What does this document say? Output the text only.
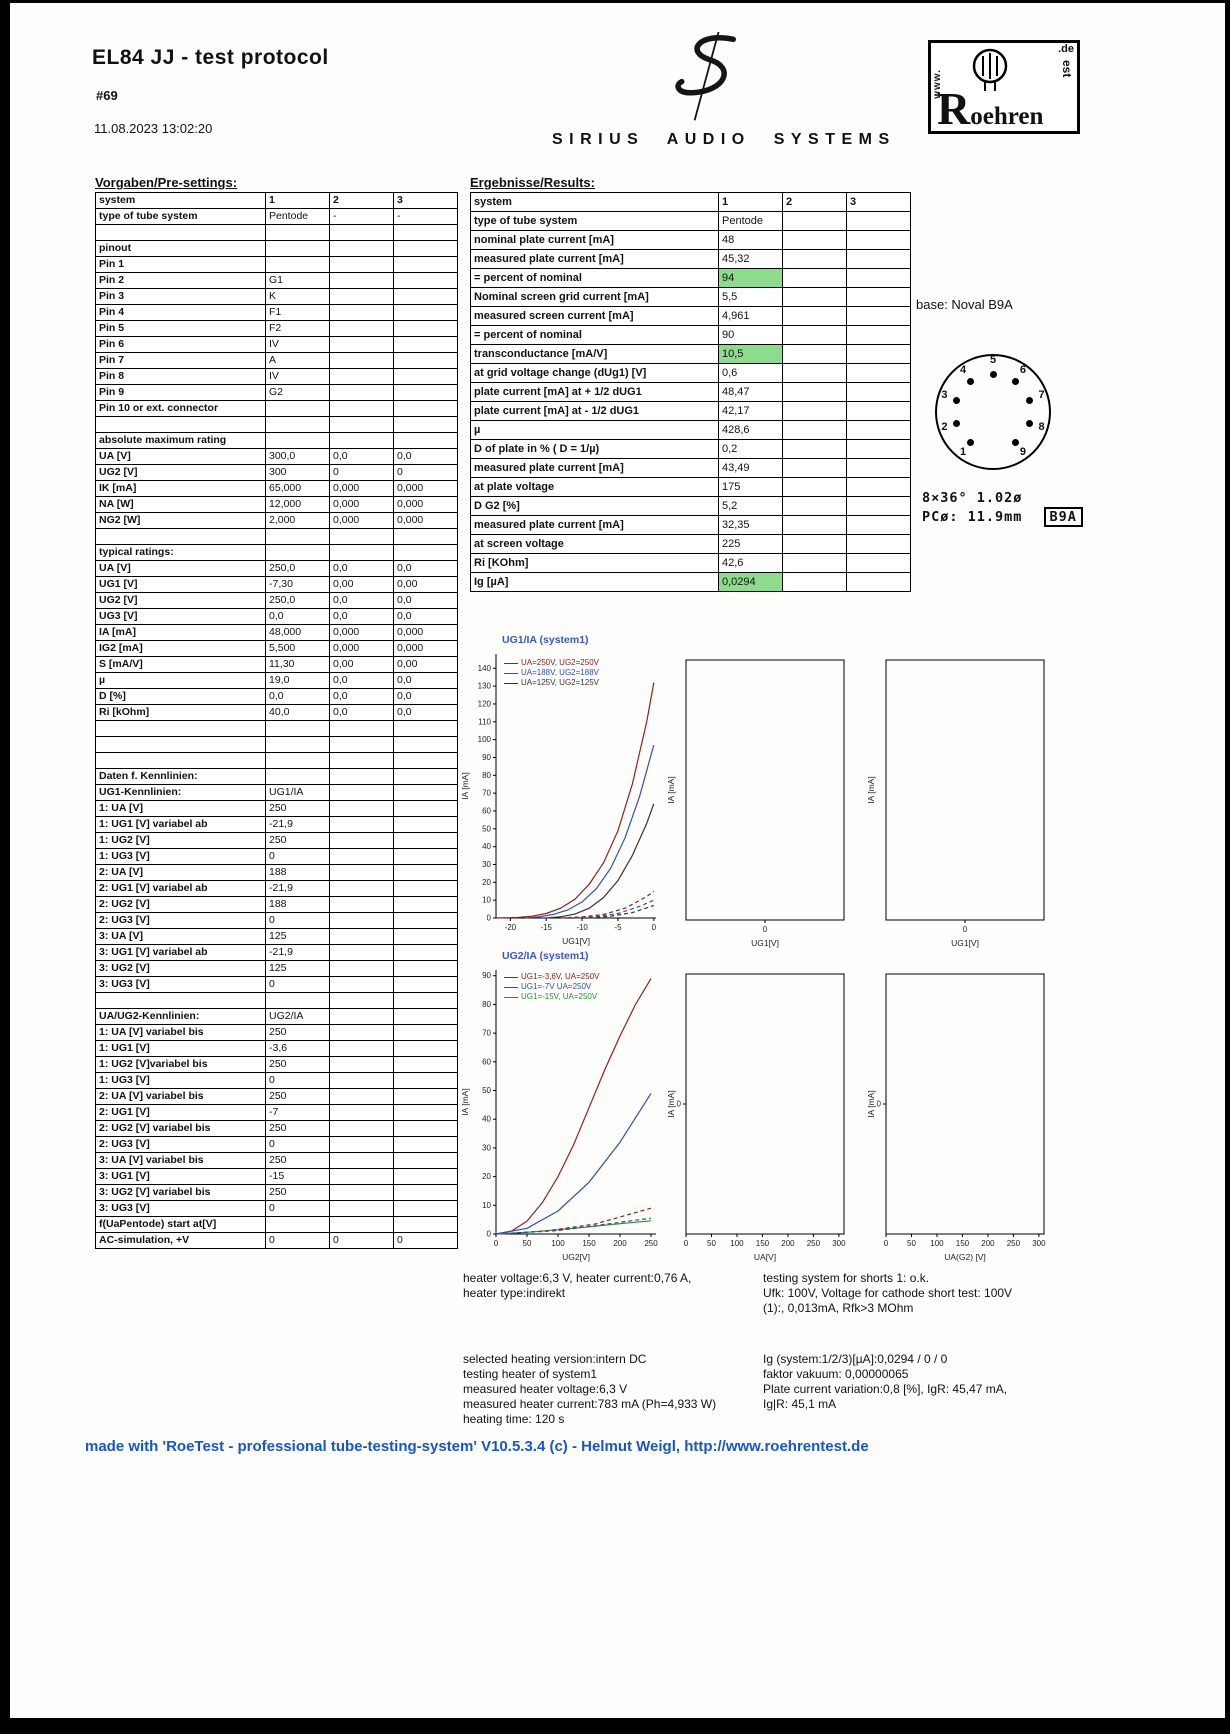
EL84 JJ - test protocol
#69
11.08.2023 13:02:20
SIRIUS AUDIO SYSTEMS
www.
.de
est
Roehren
Vorgaben/Pre-settings:
system	1	2	3
type of tube system	Pentode	-	-

pinout			
Pin 1			
Pin 2	G1		
Pin 3	K		
Pin 4	F1		
Pin 5	F2		
Pin 6	IV		
Pin 7	A		
Pin 8	IV		
Pin 9	G2		
Pin 10 or ext. connector			

absolute maximum rating			
UA [V]	300,0	0,0	0,0
UG2 [V]	300	0	0
IK [mA]	65,000	0,000	0,000
NA [W]	12,000	0,000	0,000
NG2 [W]	2,000	0,000	0,000

typical ratings:			
UA [V]	250,0	0,0	0,0
UG1 [V]	-7,30	0,00	0,00
UG2 [V]	250,0	0,0	0,0
UG3 [V]	0,0	0,0	0,0
IA [mA]	48,000	0,000	0,000
IG2 [mA]	5,500	0,000	0,000
S [mA/V]	11,30	0,00	0,00
µ	19,0	0,0	0,0
D [%]	0,0	0,0	0,0
Ri [kOhm]	40,0	0,0	0,0

Daten f. Kennlinien:			
UG1-Kennlinien:	UG1/IA		
1: UA [V]	250		
1: UG1 [V] variabel ab	-21,9		
1: UG2 [V]	250		
1: UG3 [V]	0		
2: UA [V]	188		
2: UG1 [V] variabel ab	-21,9		
2: UG2 [V]	188		
2: UG3 [V]	0		
3: UA [V]	125		
3: UG1 [V] variabel ab	-21,9		
3: UG2 [V]	125		
3: UG3 [V]	0		

UA/UG2-Kennlinien:	UG2/IA		
1: UA [V] variabel bis	250		
1: UG1 [V]	-3,6		
1: UG2 [V]variabel bis	250		
1: UG3 [V]	0		
2: UA [V] variabel bis	250		
2: UG1 [V]	-7		
2: UG2 [V] variabel bis	250		
2: UG3 [V]	0		
3: UA [V] variabel bis	250		
3: UG1 [V]	-15		
3: UG2 [V] variabel bis	250		
3: UG3 [V]	0		
f(UaPentode) start at[V]			
AC-simulation, +V	0	0	0
Ergebnisse/Results:
system	1	2	3
type of tube system	Pentode		
nominal plate current [mA]	48		
measured plate current [mA]	45,32		
= percent of nominal	94		
Nominal screen grid current [mA]	5,5		
measured screen current [mA]	4,961		
= percent of nominal	90		
transconductance [mA/V]	10,5		
at grid voltage change (dUg1) [V]	0,6		
plate current [mA] at + 1/2 dUG1	48,47		
plate current [mA] at - 1/2 dUG1	42,17		
µ	428,6		
D of plate in % ( D = 1/µ)	0,2		
measured plate current [mA]	43,49		
at plate voltage	175		
D G2 [%]	5,2		
measured plate current [mA]	32,35		
at screen voltage	225		
Ri [KOhm]	42,6		
Ig [µA]	0,0294		
base: Noval B9A
1
2
3
4
5
6
7
8
9
8×36° 1.02ø
PCø: 11.9mm B9A
UG1/IA (system1)
-20	-15	-10	-5	0
0
10
20
30
40
50
60
70
80
90
100
110
120
130
140
UG1[V]
IA [mA]
UA=250V, UG2=250V
UA=188V, UG2=188V
UA=125V, UG2=125V
0
UG1[V]
IA [mA]
0
UG1[V]
IA [mA]
UG2/IA (system1)
0	50 100 150 200 250
0
10
20
30
40
50
60
70
80
90
UG2[V]
IA [mA]
UG1=-3,6V, UA=250V
UG1=-7V UA=250V
UG1=-15V, UA=250V
0 50 100 150 200 250 300
0
UA[V]
IA [mA]
0 50 100 150 200 250 300
0
UA(G2) [V]
IA [mA]
heater voltage:6,3 V, heater current:0,76 A,
heater type:indirekt
testing system for shorts 1: o.k.
Ufk: 100V, Voltage for cathode short test: 100V
(1):, 0,013mA, Rfk>3 MOhm
selected heating version:intern DC
testing heater of system1
measured heater voltage:6,3 V
measured heater current:783 mA (Ph=4,933 W)
heating time: 120 s
Ig (system:1/2/3)[µA]:0,0294 / 0 / 0
faktor vakuum: 0,00000065
Plate current variation:0,8 [%], IgR: 45,47 mA,
Ig|R: 45,1 mA
made with 'RoeTest - professional tube-testing-system' V10.5.3.4 (c) - Helmut Weigl, http://www.roehrentest.de
